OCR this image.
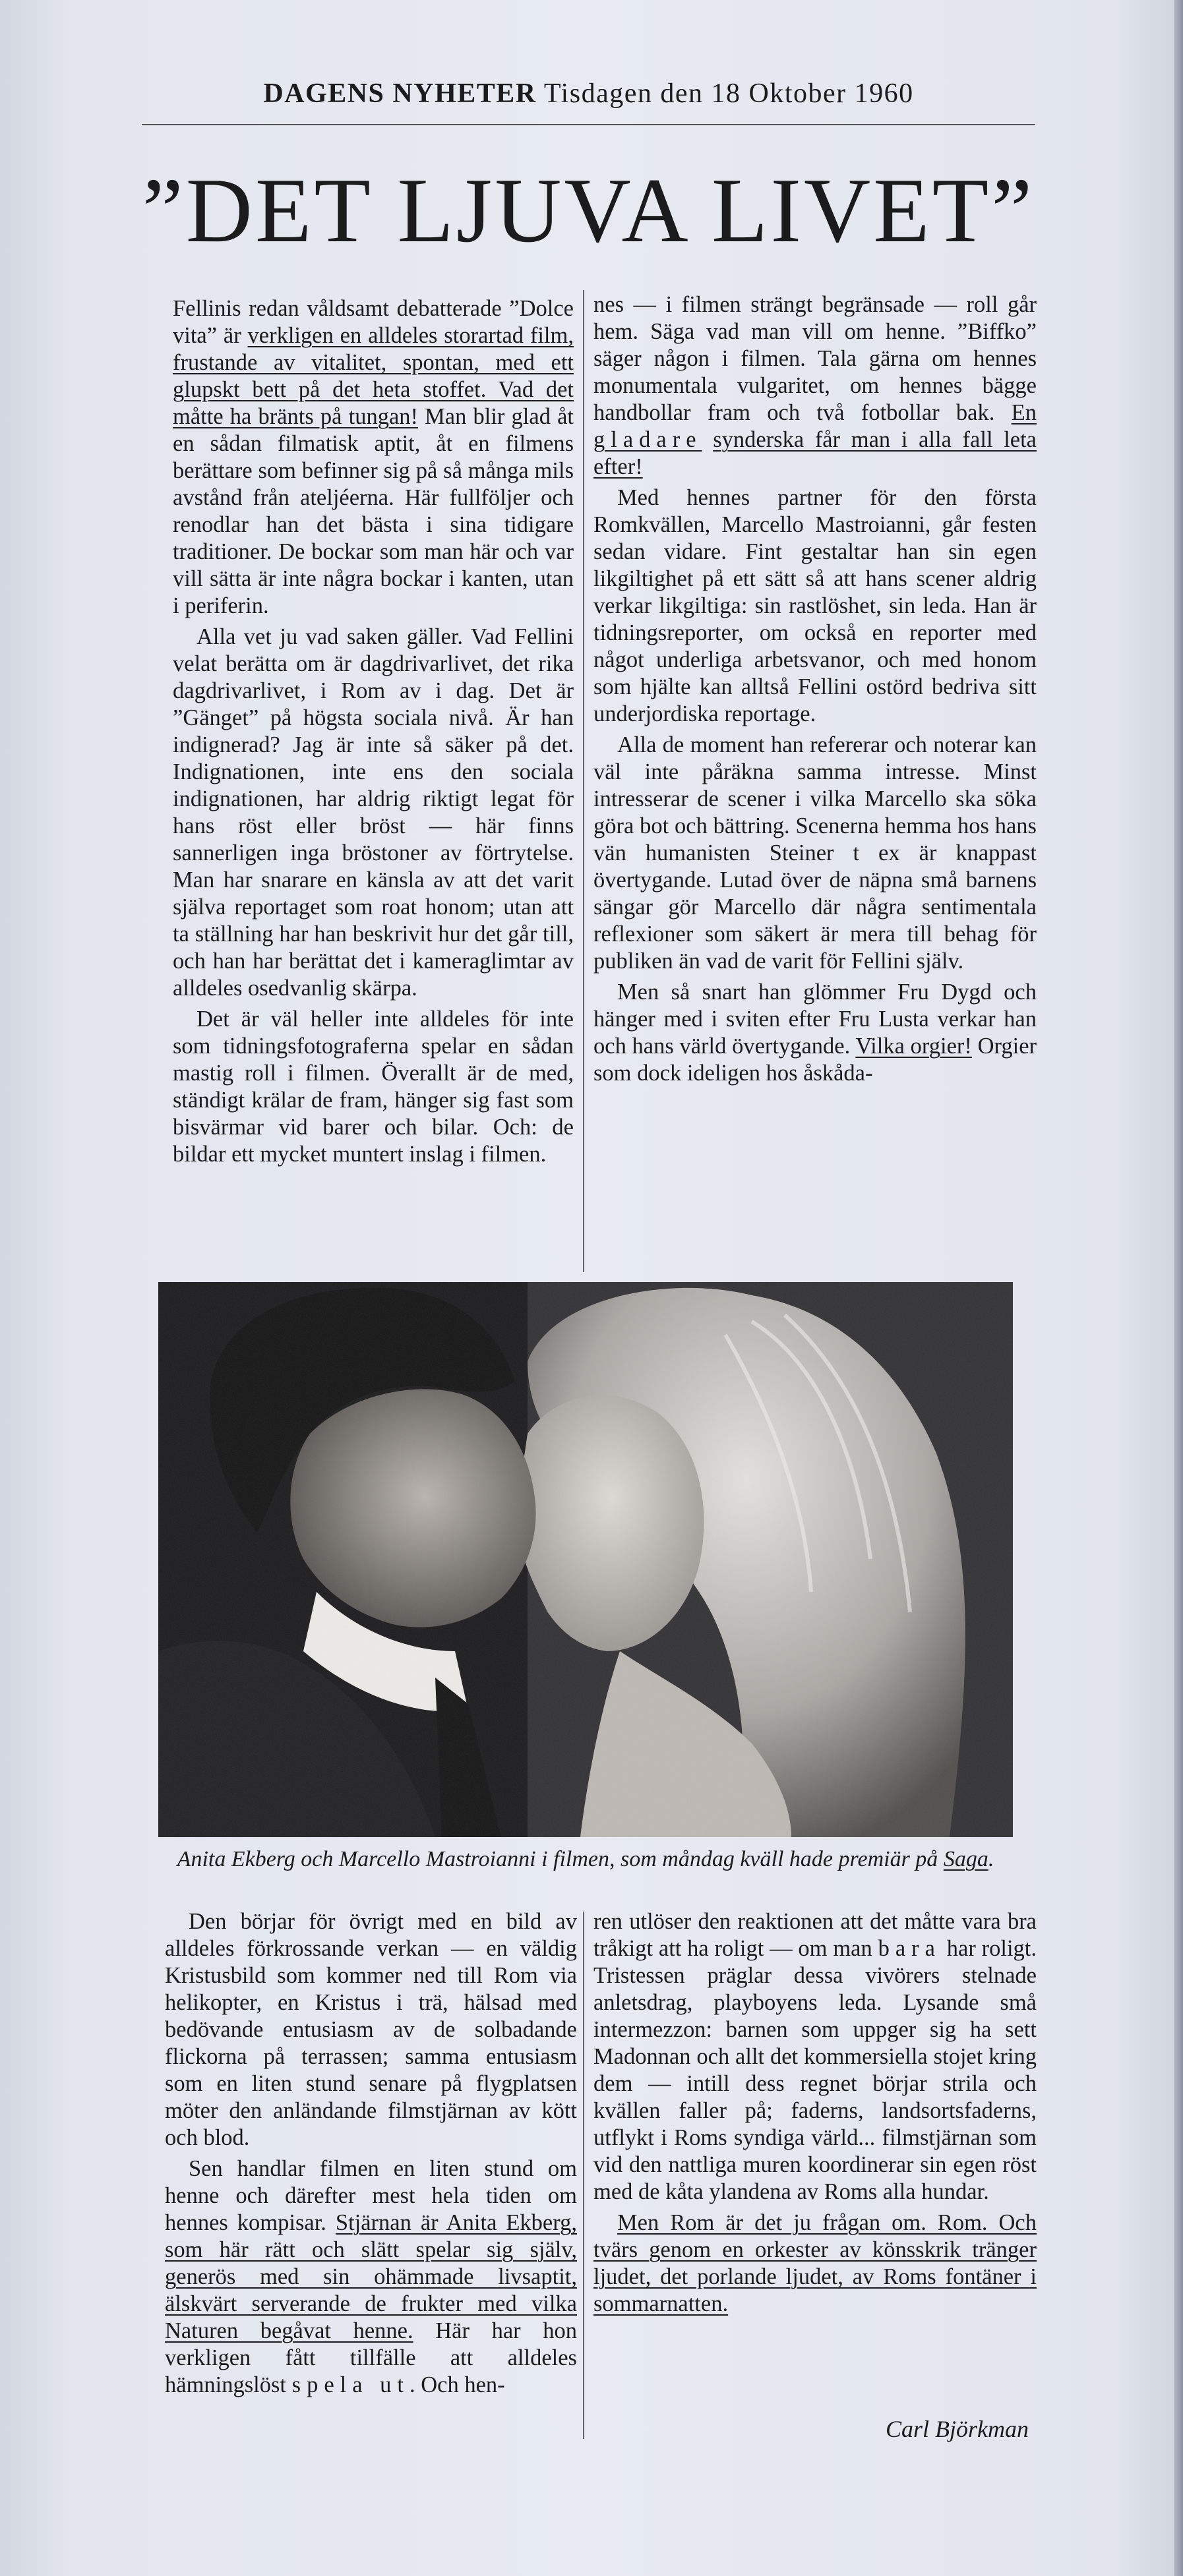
DAGENS NYHETER Tisdagen den 18 Oktober 1960
”DET LJUVA LIVET”

Fellinis redan våldsamt debatterade ”Dolce vita” är verkligen en alldeles storartad film, frustande av vitalitet, spontan, med ett glupskt bett på det heta stoffet. Vad det måtte ha bränts på tungan! Man blir glad åt en sådan filmatisk aptit, åt en filmens berättare som befinner sig på så många mils avstånd från ateljéerna. Här fullföljer och renodlar han det bästa i sina tidigare traditioner. De bockar som man här och var vill sätta är inte några bockar i kanten, utan i periferin.

Alla vet ju vad saken gäller. Vad Fellini velat berätta om är dagdrivarlivet, det rika dagdrivarlivet, i Rom av i dag. Det är ”Gänget” på högsta sociala nivå. Är han indignerad? Jag är inte så säker på det. Indignationen, inte ens den sociala indignationen, har aldrig riktigt legat för hans röst eller bröst — här finns sannerligen inga bröstoner av förtrytelse. Man har snarare en känsla av att det varit själva reportaget som roat honom; utan att ta ställning har han beskrivit hur det går till, och han har berättat det i kameraglimtar av alldeles osedvanlig skärpa.

Det är väl heller inte alldeles för inte som tidningsfotograferna spelar en sådan mastig roll i filmen. Överallt är de med, ständigt krälar de fram, hänger sig fast som bisvärmar vid barer och bilar. Och: de bildar ett mycket muntert inslag i filmen.

nes — i filmen strängt begränsade — roll går hem. Säga vad man vill om henne. ”Biffko” säger någon i filmen. Tala gärna om hennes monumentala vulgaritet, om hennes bägge handbollar fram och två fotbollar bak. En gladare synderska får man i alla fall leta efter!

Med hennes partner för den första Romkvällen, Marcello Mastroianni, går festen sedan vidare. Fint gestaltar han sin egen likgiltighet på ett sätt så att hans scener aldrig verkar likgiltiga: sin rastlöshet, sin leda. Han är tidningsreporter, om också en reporter med något underliga arbetsvanor, och med honom som hjälte kan alltså Fellini ostörd bedriva sitt underjordiska reportage.

Alla de moment han refererar och noterar kan väl inte påräkna samma intresse. Minst intresserar de scener i vilka Marcello ska söka göra bot och bättring. Scenerna hemma hos hans vän humanisten Steiner t ex är knappast övertygande. Lutad över de näpna små barnens sängar gör Marcello där några sentimentala reflexioner som säkert är mera till behag för publiken än vad de varit för Fellini själv.

Men så snart han glömmer Fru Dygd och hänger med i sviten efter Fru Lusta verkar han och hans värld övertygande. Vilka orgier! Orgier som dock ideligen hos åskåda-

Anita Ekberg och Marcello Mastroianni i filmen, som måndag kväll hade premiär på Saga.

Den börjar för övrigt med en bild av alldeles förkrossande verkan — en väldig Kristusbild som kommer ned till Rom via helikopter, en Kristus i trä, hälsad med bedövande entusiasm av de solbadande flickorna på terrassen; samma entusiasm som en liten stund senare på flygplatsen möter den anländande filmstjärnan av kött och blod.

Sen handlar filmen en liten stund om henne och därefter mest hela tiden om hennes kompisar. Stjärnan är Anita Ekberg, som här rätt och slätt spelar sig själv, generös med sin ohämmade livsaptit, älskvärt serverande de frukter med vilka Naturen begåvat henne. Här har hon verkligen fått tillfälle att alldeles hämningslöst spela ut. Och hen-

ren utlöser den reaktionen att det måtte vara bra tråkigt att ha roligt — om man bara har roligt. Tristessen präglar dessa vivörers stelnade anletsdrag, playboyens leda. Lysande små intermezzon: barnen som uppger sig ha sett Madonnan och allt det kommersiella stojet kring dem — intill dess regnet börjar strila och kvällen faller på; faderns, landsortsfaderns, utflykt i Roms syndiga värld... filmstjärnan som vid den nattliga muren koordinerar sin egen röst med de kåta ylandena av Roms alla hundar.

Men Rom är det ju frågan om. Rom. Och tvärs genom en orkester av könsskrik tränger ljudet, det porlande ljudet, av Roms fontäner i sommarnatten.

Carl Björkman
